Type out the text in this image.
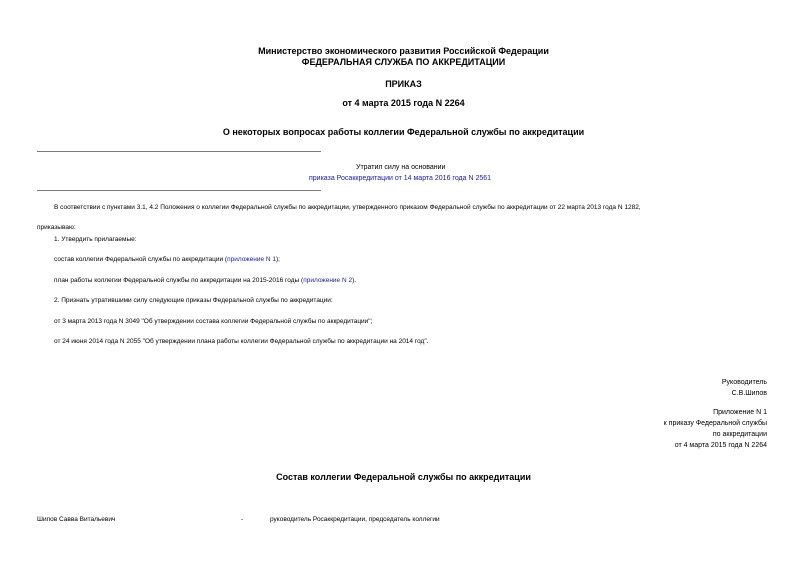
Министерство экономического развития Российской Федерации
ФЕДЕРАЛЬНАЯ СЛУЖБА ПО АККРЕДИТАЦИИ
ПРИКАЗ
от 4 марта 2015 года N 2264
О некоторых вопросах работы коллегии Федеральной службы по аккредитации
Утратил силу на основании
приказа Росаккредитации от 14 марта 2016 года N 2561
В соответствии с пунктами 3.1, 4.2 Положения о коллегии Федеральной службы по аккредитации, утвержденного приказом Федеральной службы по аккредитации от 22 марта 2013 года N 1282,
приказываю:
1. Утвердить прилагаемые:
состав коллегии Федеральной службы по аккредитации (приложение N 1);
план работы коллегии Федеральной службы по аккредитации на 2015-2016 годы (приложение N 2).
2. Признать утратившими силу следующие приказы Федеральной службы по аккредитации:
от 3 марта 2013 года N 3049 "Об утверждении состава коллегии Федеральной службы по аккредитации";
от 24 июня 2014 года N 2055 "Об утверждении плана работы коллегии Федеральной службы по аккредитации на 2014 год".
Руководитель
С.В.Шипов
Приложение N 1
к приказу Федеральной службы
по аккредитации
от 4 марта 2015 года N 2264
Состав коллегии Федеральной службы по аккредитации
Шипов Савва Витальевич	-	руководитель Росаккредитации, председатель коллегии
